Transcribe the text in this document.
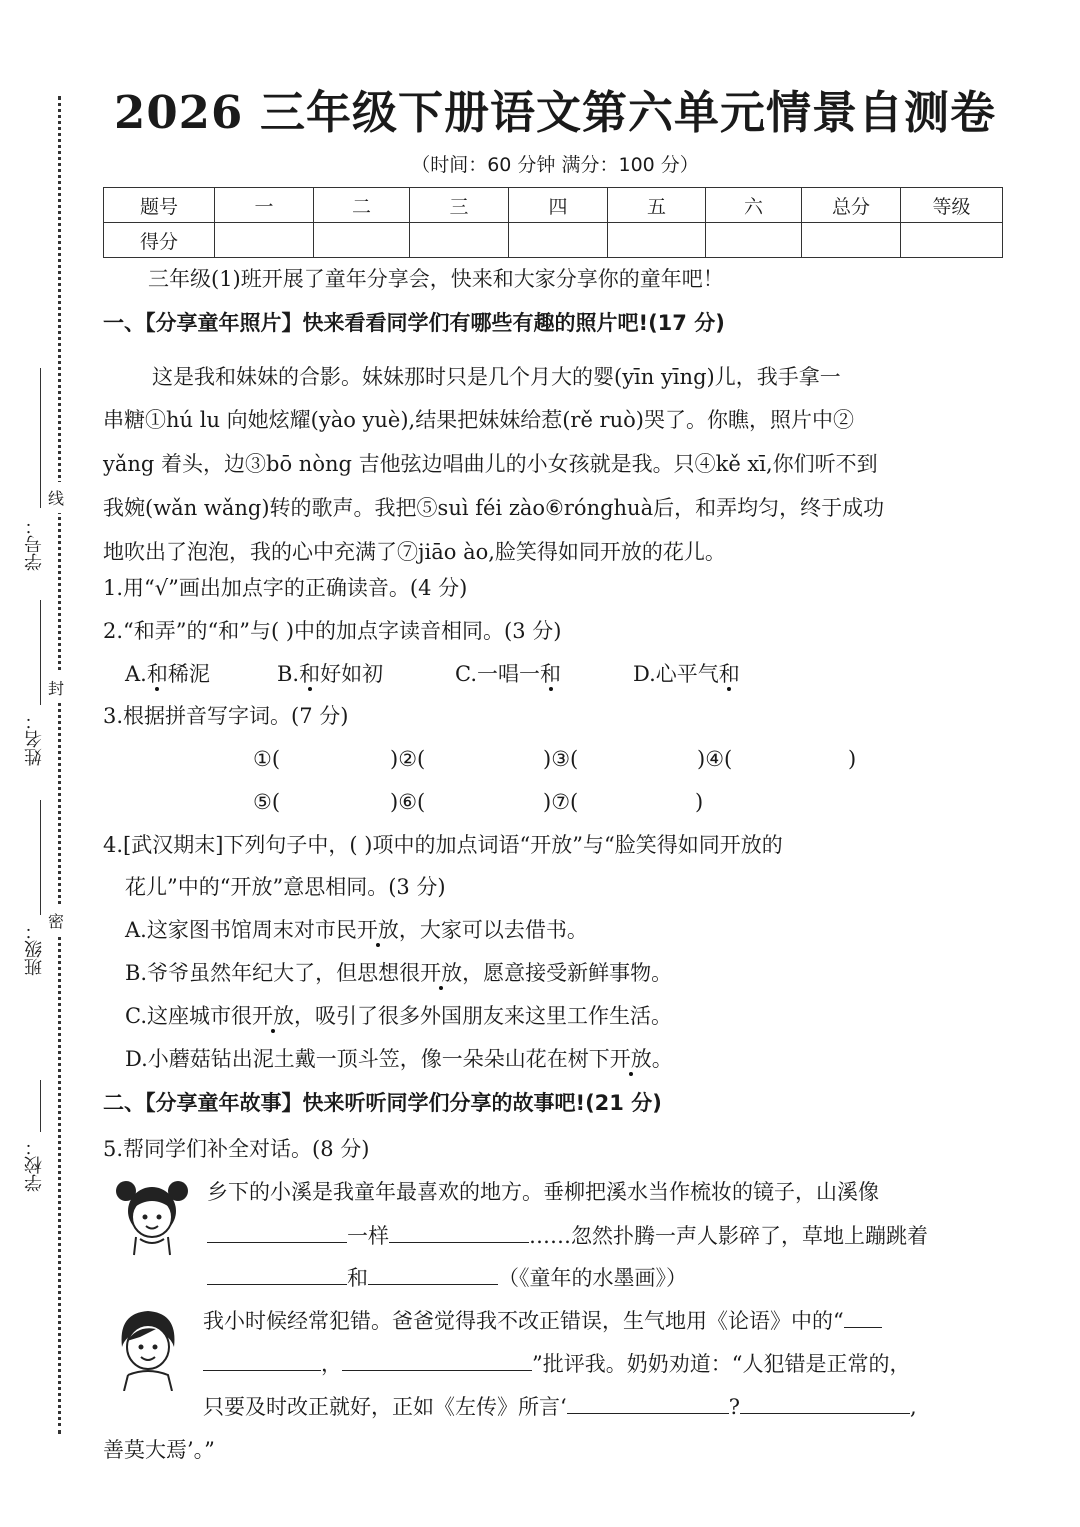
学校：
班级：
姓名：
学号：
密
封
线
2026 三年级下册语文第六单元情景自测卷
（时间：60 分钟 满分：100 分）
题号	一	二	三	四	五	六	总分	等级
得分								
三年级(1)班开展了童年分享会，快来和大家分享你的童年吧！
一、【分享童年照片】快来看看同学们有哪些有趣的照片吧!(17 分)
这是我和妹妹的合影。妹妹那时只是几个月大的婴(yīn yīng)儿，我手拿一
串糖①hú lu 向她炫耀(yào yuè),结果把妹妹给惹(rě ruò)哭了。你瞧，照片中②
yǎng 着头，边③bō nòng 吉他弦边唱曲儿的小女孩就是我。只④kě xī,你们听不到
我婉(wǎn wǎng)转的歌声。我把⑤suì féi zào⑥rónghuà后，和弄均匀，终于成功
地吹出了泡泡，我的心中充满了⑦jiāo ào,脸笑得如同开放的花儿。
1.用“√”画出加点字的正确读音。(4 分)
2.“和弄”的“和”与( )中的加点字读音相同。(3 分)
A.和稀泥	B.和好如初	C.一唱一和	D.心平气和
3.根据拼音写字词。(7 分)
①(	)②(	)③(	)④(	)
⑤(	)⑥(	)⑦(	)
4.[武汉期末]下列句子中，( )项中的加点词语“开放”与“脸笑得如同开放的
花儿”中的“开放”意思相同。(3 分)
A.这家图书馆周末对市民开放，大家可以去借书。
B.爷爷虽然年纪大了，但思想很开放，愿意接受新鲜事物。
C.这座城市很开放，吸引了很多外国朋友来这里工作生活。
D.小蘑菇钻出泥土戴一顶斗笠，像一朵朵山花在树下开放。
二、【分享童年故事】快来听听同学们分享的故事吧!(21 分)
5.帮同学们补全对话。(8 分)
乡下的小溪是我童年最喜欢的地方。垂柳把溪水当作梳妆的镜子，山溪像
一样	……忽然扑腾一声人影碎了，草地上蹦跳着
和	（《童年的水墨画》）
我小时候经常犯错。爸爸觉得我不改正错误，生气地用《论语》中的“
，	”批评我。奶奶劝道：“人犯错是正常的，
只要及时改正就好，正如《左传》所言‘	?	,
善莫大焉’。”
